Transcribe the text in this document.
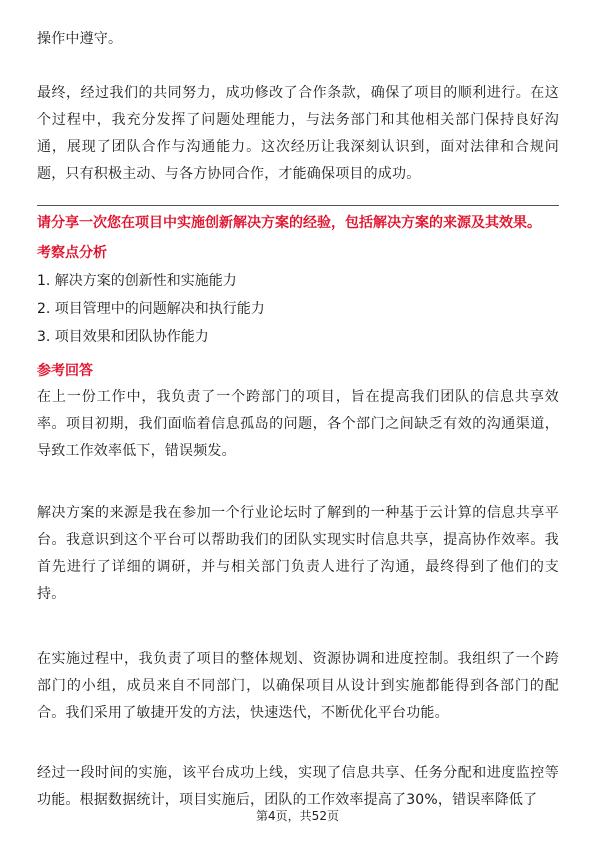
操作中遵守。

最终，经过我们的共同努力，成功修改了合作条款，确保了项目的顺利进行。在这个过程中，我充分发挥了问题处理能力，与法务部门和其他相关部门保持良好沟通，展现了团队合作与沟通能力。这次经历让我深刻认识到，面对法律和合规问题，只有积极主动、与各方协同合作，才能确保项目的成功。

请分享一次您在项目中实施创新解决方案的经验，包括解决方案的来源及其效果。

考察点分析

1. 解决方案的创新性和实施能力

2. 项目管理中的问题解决和执行能力

3. 项目效果和团队协作能力

参考回答

在上一份工作中，我负责了一个跨部门的项目，旨在提高我们团队的信息共享效率。项目初期，我们面临着信息孤岛的问题，各个部门之间缺乏有效的沟通渠道，导致工作效率低下，错误频发。

解决方案的来源是我在参加一个行业论坛时了解到的一种基于云计算的信息共享平台。我意识到这个平台可以帮助我们的团队实现实时信息共享，提高协作效率。我首先进行了详细的调研，并与相关部门负责人进行了沟通，最终得到了他们的支持。

在实施过程中，我负责了项目的整体规划、资源协调和进度控制。我组织了一个跨部门的小组，成员来自不同部门，以确保项目从设计到实施都能得到各部门的配合。我们采用了敏捷开发的方法，快速迭代，不断优化平台功能。

经过一段时间的实施，该平台成功上线，实现了信息共享、任务分配和进度监控等功能。根据数据统计，项目实施后，团队的工作效率提高了30%，错误率降低了

第4页，共52页
